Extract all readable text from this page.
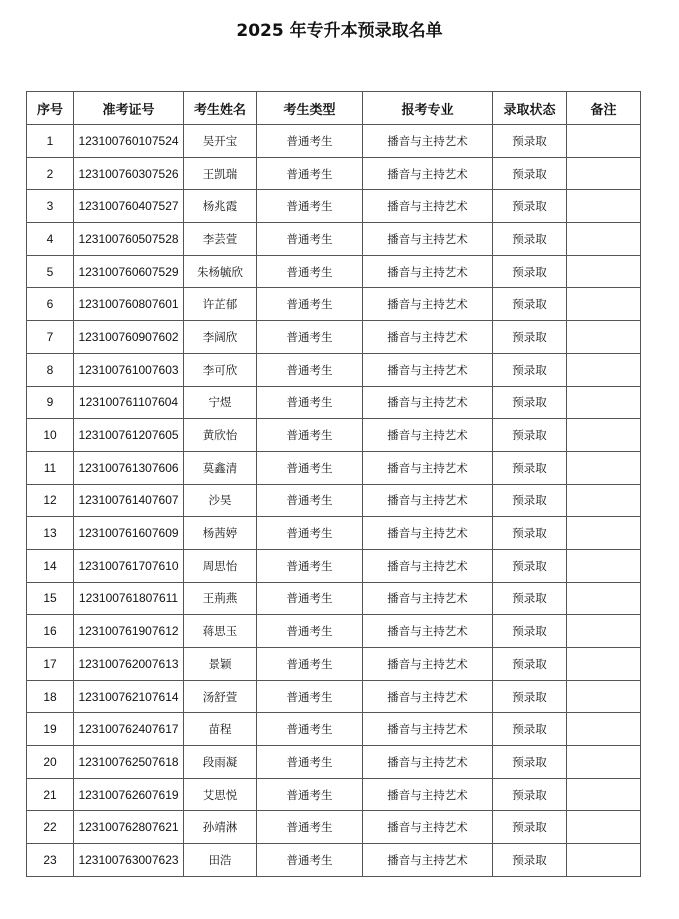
2025 年专升本预录取名单
序号	准考证号	考生姓名	考生类型	报考专业	录取状态	备注
1	123100760107524	吴开宝	普通考生	播音与主持艺术	预录取	
2	123100760307526	王凯瑞	普通考生	播音与主持艺术	预录取	
3	123100760407527	杨兆霞	普通考生	播音与主持艺术	预录取	
4	123100760507528	李芸萱	普通考生	播音与主持艺术	预录取	
5	123100760607529	朱杨毓欣	普通考生	播音与主持艺术	预录取	
6	123100760807601	许芷郁	普通考生	播音与主持艺术	预录取	
7	123100760907602	李阔欣	普通考生	播音与主持艺术	预录取	
8	123100761007603	李可欣	普通考生	播音与主持艺术	预录取	
9	123100761107604	宁煜	普通考生	播音与主持艺术	预录取	
10	123100761207605	黄欣怡	普通考生	播音与主持艺术	预录取	
11	123100761307606	莫鑫清	普通考生	播音与主持艺术	预录取	
12	123100761407607	沙昊	普通考生	播音与主持艺术	预录取	
13	123100761607609	杨茜婷	普通考生	播音与主持艺术	预录取	
14	123100761707610	周思怡	普通考生	播音与主持艺术	预录取	
15	123100761807611	王荊燕	普通考生	播音与主持艺术	预录取	
16	123100761907612	蒋思玉	普通考生	播音与主持艺术	预录取	
17	123100762007613	景颖	普通考生	播音与主持艺术	预录取	
18	123100762107614	汤舒萱	普通考生	播音与主持艺术	预录取	
19	123100762407617	苗程	普通考生	播音与主持艺术	预录取	
20	123100762507618	段雨凝	普通考生	播音与主持艺术	预录取	
21	123100762607619	艾思悦	普通考生	播音与主持艺术	预录取	
22	123100762807621	孙靖淋	普通考生	播音与主持艺术	预录取	
23	123100763007623	田浩	普通考生	播音与主持艺术	预录取	
